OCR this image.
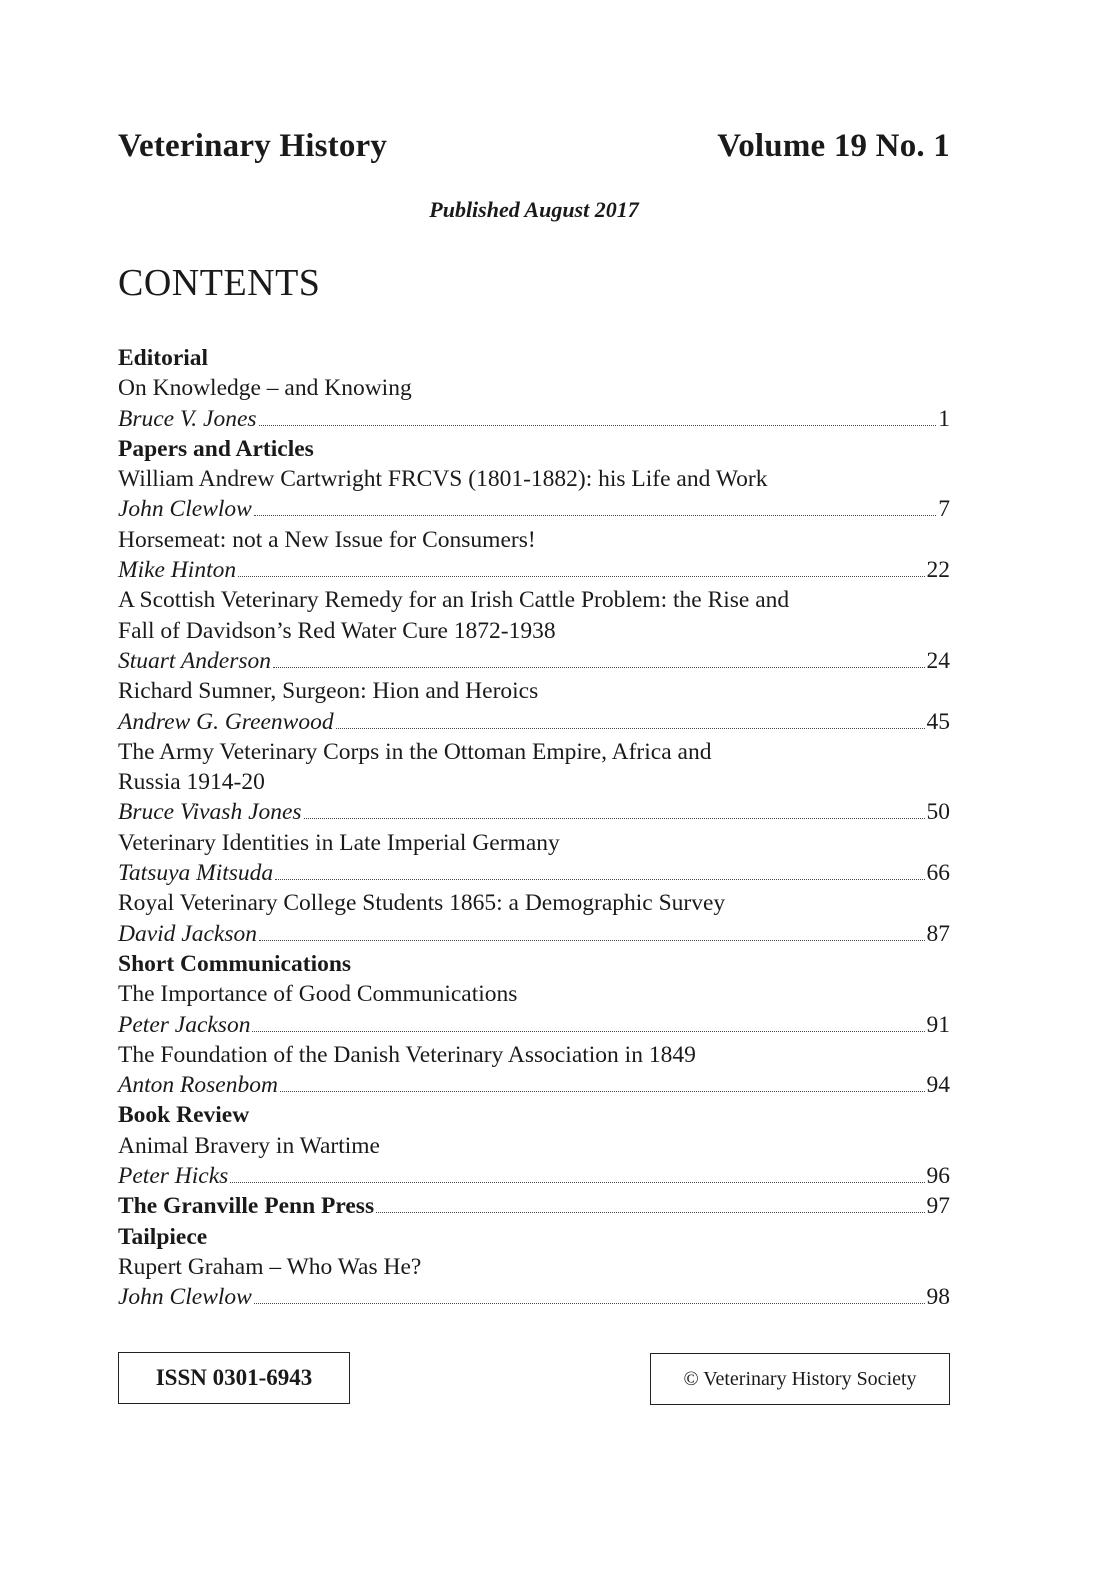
Veterinary History	Volume 19 No. 1
Published August 2017
CONTENTS
Editorial
On Knowledge – and Knowing
Bruce V. Jones	1
Papers and Articles
William Andrew Cartwright FRCVS (1801-1882): his Life and Work
John Clewlow	7
Horsemeat: not a New Issue for Consumers!
Mike Hinton	22
A Scottish Veterinary Remedy for an Irish Cattle Problem: the Rise and
Fall of Davidson’s Red Water Cure 1872-1938
Stuart Anderson	24
Richard Sumner, Surgeon: Hion and Heroics
Andrew G. Greenwood	45
The Army Veterinary Corps in the Ottoman Empire, Africa and
Russia 1914-20
Bruce Vivash Jones	50
Veterinary Identities in Late Imperial Germany
Tatsuya Mitsuda	66
Royal Veterinary College Students 1865: a Demographic Survey
David Jackson	87
Short Communications
The Importance of Good Communications
Peter Jackson	91
The Foundation of the Danish Veterinary Association in 1849
Anton Rosenbom	94
Book Review
Animal Bravery in Wartime
Peter Hicks	96
The Granville Penn Press	97
Tailpiece
Rupert Graham – Who Was He?
John Clewlow	98
ISSN 0301-6943	© Veterinary History Society
